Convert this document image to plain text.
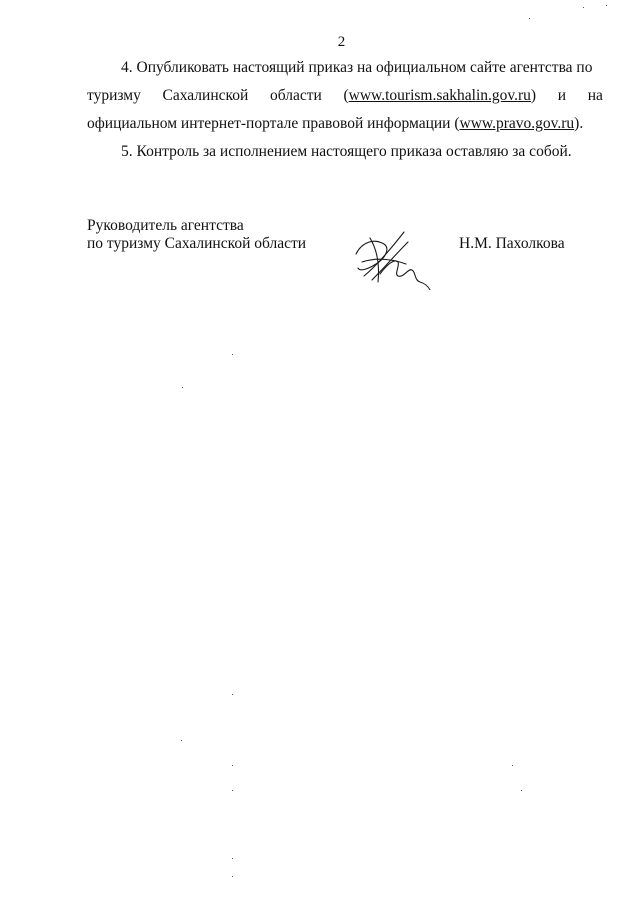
2
4. Опубликовать настоящий приказ на официальном сайте агентства по
туризму Сахалинской области (www.tourism.sakhalin.gov.ru) и на
официальном интернет-портале правовой информации (www.pravo.gov.ru).
5. Контроль за исполнением настоящего приказа оставляю за собой.
Руководитель агентства
по туризму Сахалинской области	Н.М. Пахолкова
